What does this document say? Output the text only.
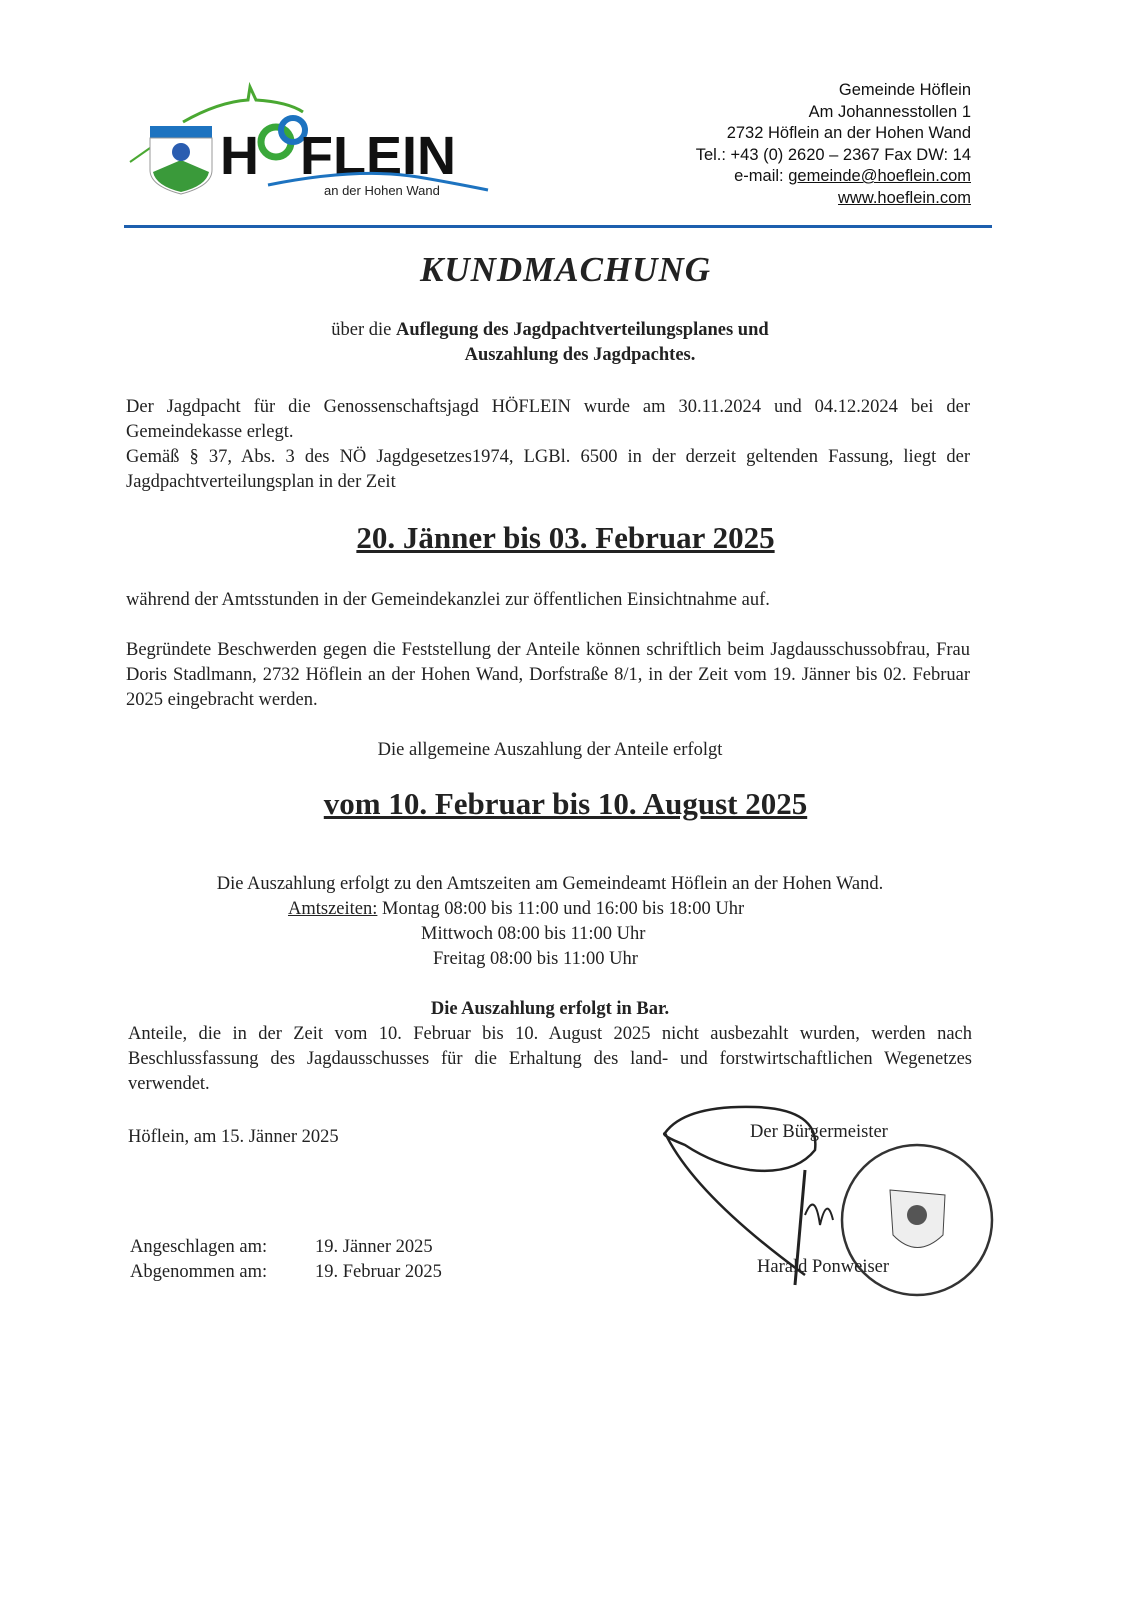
H FLEIN
an der Hohen Wand
Gemeinde Höflein
Am Johannesstollen 1
2732 Höflein an der Hohen Wand
Tel.: +43 (0) 2620 – 2367 Fax DW: 14
e-mail: gemeinde@hoeflein.com
www.hoeflein.com
KUNDMACHUNG
über die Auflegung des Jagdpachtverteilungsplanes und
Auszahlung des Jagdpachtes.
Der Jagdpacht für die Genossenschaftsjagd HÖFLEIN wurde am 30.11.2024 und 04.12.2024 bei der Gemeindekasse erlegt.
Gemäß § 37, Abs. 3 des NÖ Jagdgesetzes1974, LGBl. 6500 in der derzeit geltenden Fassung, liegt der Jagdpachtverteilungsplan in der Zeit
20. Jänner bis 03. Februar 2025
während der Amtsstunden in der Gemeindekanzlei zur öffentlichen Einsichtnahme auf.
Begründete Beschwerden gegen die Feststellung der Anteile können schriftlich beim Jagdausschussobfrau, Frau Doris Stadlmann, 2732 Höflein an der Hohen Wand, Dorfstraße 8/1, in der Zeit vom 19. Jänner bis 02. Februar 2025 eingebracht werden.
Die allgemeine Auszahlung der Anteile erfolgt
vom 10. Februar bis 10. August 2025
Die Auszahlung erfolgt zu den Amtszeiten am Gemeindeamt Höflein an der Hohen Wand.
Amtszeiten: Montag 08:00 bis 11:00 und 16:00 bis 18:00 Uhr
Mittwoch 08:00 bis 11:00 Uhr
Freitag 08:00 bis 11:00 Uhr
Die Auszahlung erfolgt in Bar.
Anteile, die in der Zeit vom 10. Februar bis 10. August 2025 nicht ausbezahlt wurden, werden nach Beschlussfassung des Jagdausschusses für die Erhaltung des land- und forstwirtschaftlichen Wegenetzes verwendet.
Höflein, am 15. Jänner 2025	Der Bürgermeister
Harald Ponweiser
Angeschlagen am:	19. Jänner 2025
Abgenommen am:	19. Februar 2025
